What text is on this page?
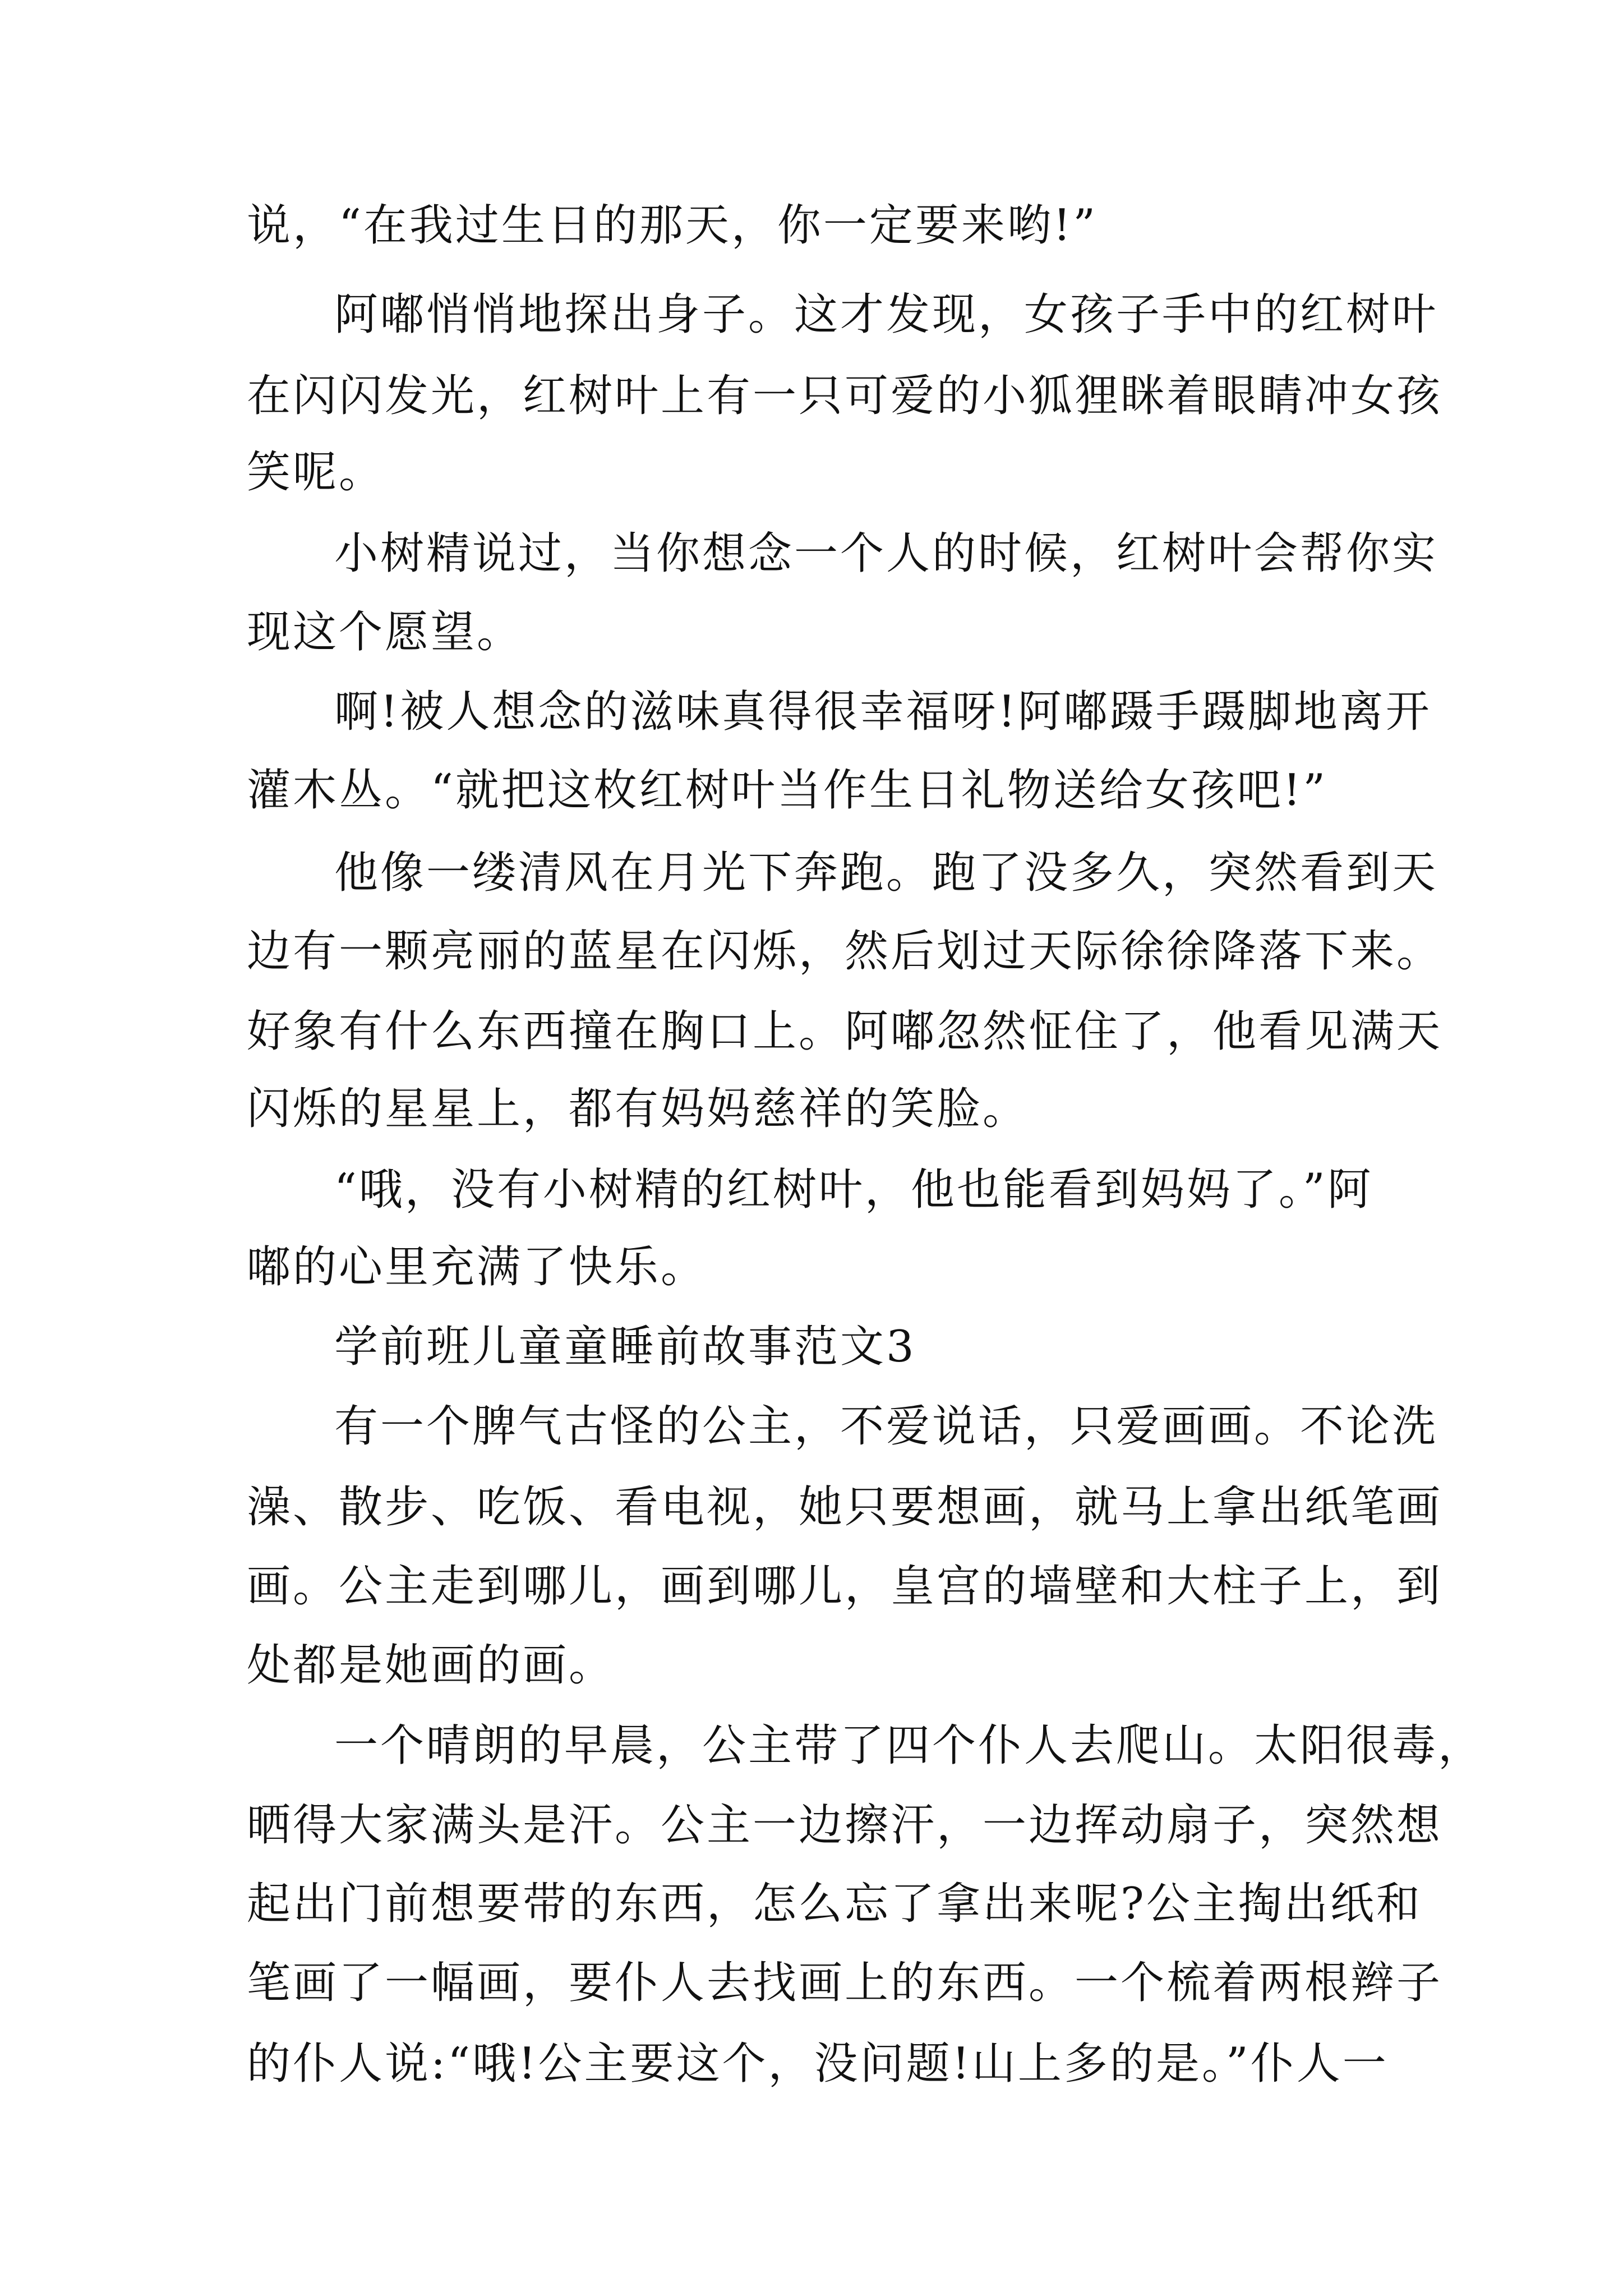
说，“在我过生日的那天，你一定要来哟!”
阿嘟悄悄地探出身子。这才发现，女孩子手中的红树叶
在闪闪发光，红树叶上有一只可爱的小狐狸眯着眼睛冲女孩
笑呢。
小树精说过，当你想念一个人的时候，红树叶会帮你实
现这个愿望。
啊!被人想念的滋味真得很幸福呀!阿嘟蹑手蹑脚地离开
灌木丛。“就把这枚红树叶当作生日礼物送给女孩吧!”
他像一缕清风在月光下奔跑。跑了没多久，突然看到天
边有一颗亮丽的蓝星在闪烁，然后划过天际徐徐降落下来。
好象有什么东西撞在胸口上。阿嘟忽然怔住了，他看见满天
闪烁的星星上，都有妈妈慈祥的笑脸。
“哦，没有小树精的红树叶，他也能看到妈妈了。”阿
嘟的心里充满了快乐。
学前班儿童童睡前故事范文3
有一个脾气古怪的公主，不爱说话，只爱画画。不论洗
澡、散步、吃饭、看电视，她只要想画，就马上拿出纸笔画
画。公主走到哪儿，画到哪儿，皇宫的墙壁和大柱子上，到
处都是她画的画。
一个晴朗的早晨，公主带了四个仆人去爬山。太阳很毒，
晒得大家满头是汗。公主一边擦汗，一边挥动扇子，突然想
起出门前想要带的东西，怎么忘了拿出来呢?公主掏出纸和
笔画了一幅画，要仆人去找画上的东西。一个梳着两根辫子
的仆人说:“哦!公主要这个，没问题!山上多的是。”仆人一
